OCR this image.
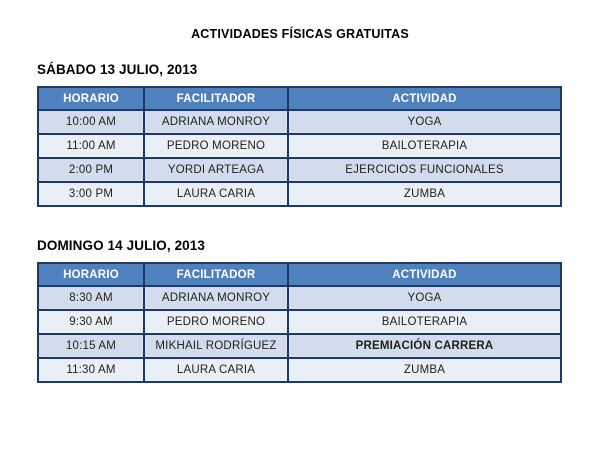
ACTIVIDADES FÍSICAS GRATUITAS
SÁBADO 13 JULIO, 2013
HORARIO	FACILITADOR	ACTIVIDAD
10:00 AM	ADRIANA MONROY	YOGA
11:00 AM	PEDRO MORENO	BAILOTERAPIA
2:00 PM	YORDI ARTEAGA	EJERCICIOS FUNCIONALES
3:00 PM	LAURA CARIA	ZUMBA
DOMINGO 14 JULIO, 2013
HORARIO	FACILITADOR	ACTIVIDAD
8:30 AM	ADRIANA MONROY	YOGA
9:30 AM	PEDRO MORENO	BAILOTERAPIA
10:15 AM	MIKHAIL RODRÍGUEZ	PREMIACIÓN CARRERA
11:30 AM	LAURA CARIA	ZUMBA
